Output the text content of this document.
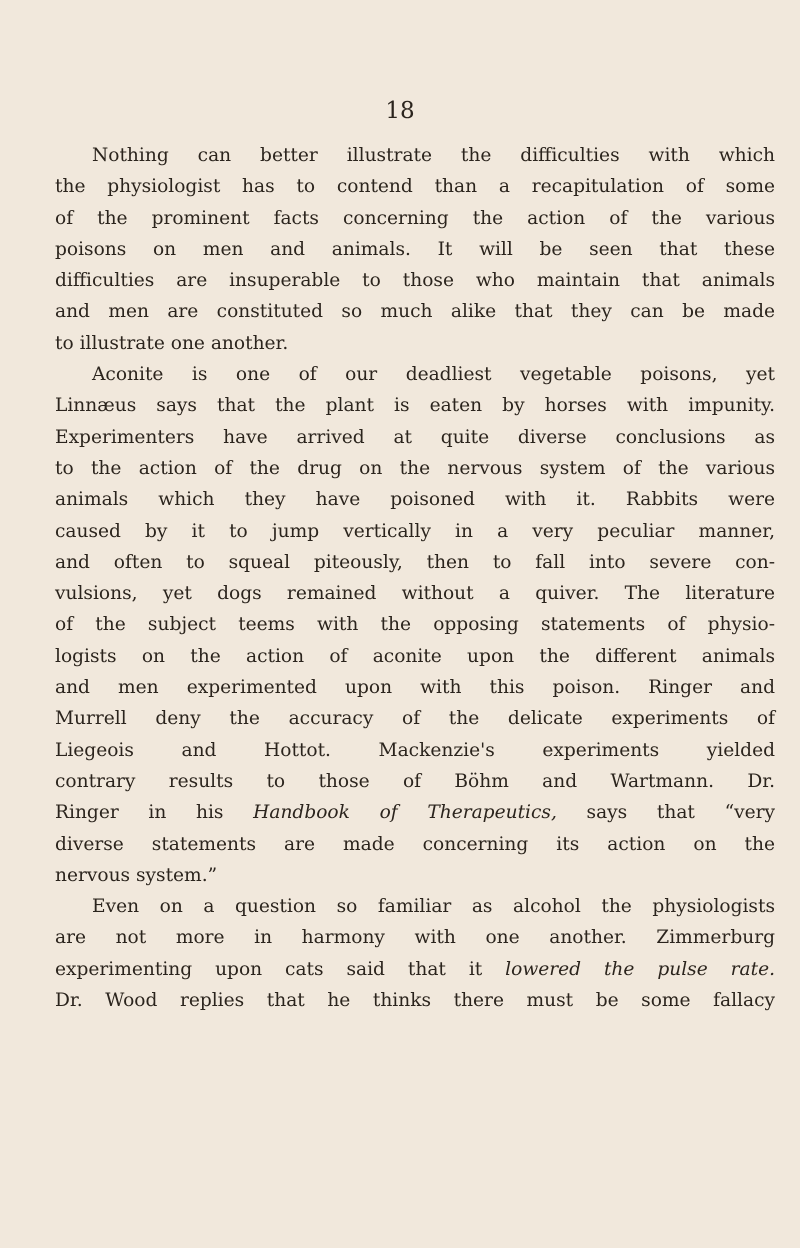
18
Nothing can better illustrate the difficulties with which
the physiologist has to contend than a recapitulation of some
of the prominent facts concerning the action of the various
poisons on men and animals. It will be seen that these
difficulties are insuperable to those who maintain that animals
and men are constituted so much alike that they can be made
to illustrate one another.
Aconite is one of our deadliest vegetable poisons, yet
Linnæus says that the plant is eaten by horses with impunity.
Experimenters have arrived at quite diverse conclusions as
to the action of the drug on the nervous system of the various
animals which they have poisoned with it. Rabbits were
caused by it to jump vertically in a very peculiar manner,
and often to squeal piteously, then to fall into severe con-
vulsions, yet dogs remained without a quiver. The literature
of the subject teems with the opposing statements of physio-
logists on the action of aconite upon the different animals
and men experimented upon with this poison. Ringer and
Murrell deny the accuracy of the delicate experiments of
Liegeois and Hottot. Mackenzie's experiments yielded
contrary results to those of Böhm and Wartmann. Dr.
Ringer in his Handbook of Therapeutics, says that “very
diverse statements are made concerning its action on the
nervous system.”
Even on a question so familiar as alcohol the physiologists
are not more in harmony with one another. Zimmerburg
experimenting upon cats said that it lowered the pulse rate.
Dr. Wood replies that he thinks there must be some fallacy
